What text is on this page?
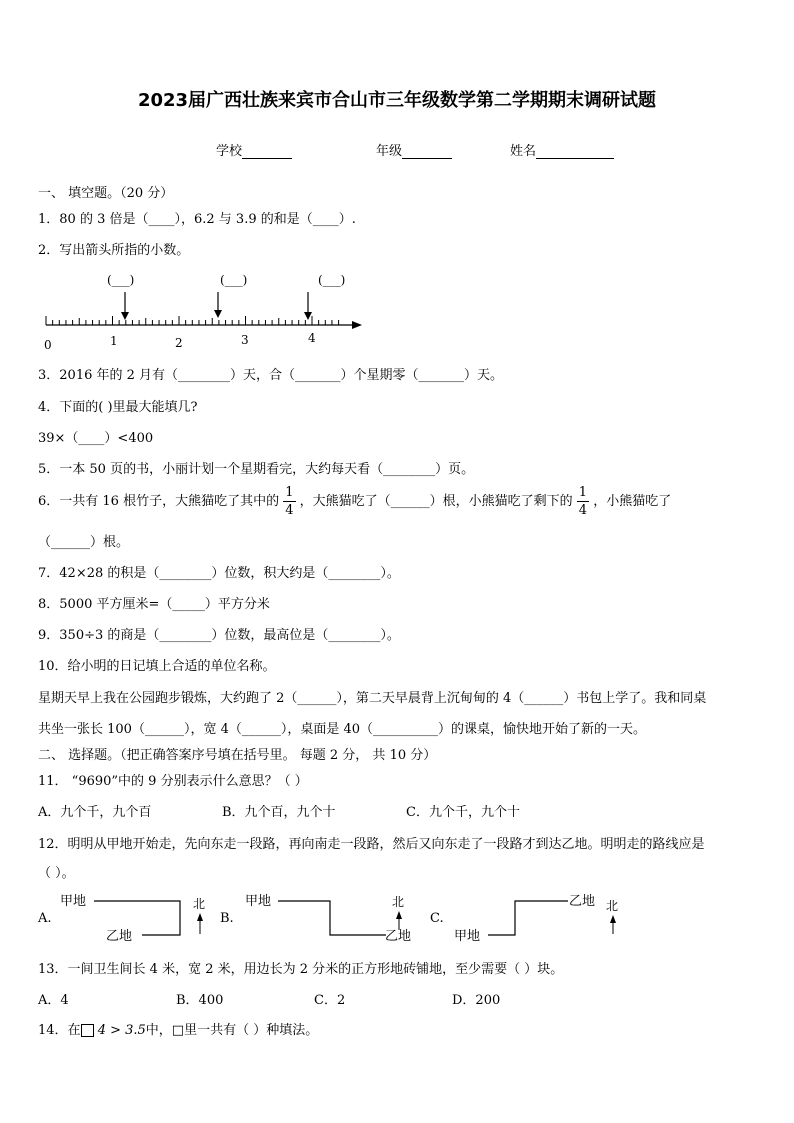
2023届广西壮族来宾市合山市三年级数学第二学期期末调研试题
学校	年级	姓名
一、 填空题。（20 分）
1．80 的 3 倍是（____），6.2 与 3.9 的和是（____）.
2．写出箭头所指的小数。
(___)	(___)	(___)
0	1	2	3	4
3．2016 年的 2 月有（________）天，合（_______）个星期零（_______）天。
4．下面的( )里最大能填几?
39×（____）<400
5．一本 50 页的书，小丽计划一个星期看完，大约每天看（________）页。
6．一共有 16 根竹子，大熊猫吃了其中的 $\frac{1}{4}$ ，大熊猫吃了（______）根，小熊猫吃了剩下的 $\frac{1}{4}$ ，小熊猫吃了
（______）根。
7．42×28 的积是（________）位数，积大约是（________）。
8．5000 平方厘米=（_____）平方分米
9．350÷3 的商是（________）位数，最高位是（________）。
10．给小明的日记填上合适的单位名称。
星期天早上我在公园跑步锻炼，大约跑了 2（______），第二天早晨背上沉甸甸的 4（______）书包上学了。我和同桌
共坐一张长 100（______），宽 4（______），桌面是 40（__________）的课桌，愉快地开始了新的一天。
二、 选择题。（把正确答案序号填在括号里。 每题 2 分， 共 10 分）
11． “9690”中的 9 分别表示什么意思？（ ）
A．九个千，九个百	B．九个百，九个十	C．九个千，九个十
12．明明从甲地开始走，先向东走一段路，再向南走一段路，然后又向东走了一段路才到达乙地。明明走的路线应是
（ ）。
A.
甲地
乙地
北
B.
甲地
乙地
北
C.
甲地
乙地 北
13．一间卫生间长 4 米，宽 2 米，用边长为 2 分米的正方形地砖铺地，至少需要（ ）块。
A．4	B．400	C．2	D．200
14．在 4 > 3.5中，□里一共有（ ）种填法。
